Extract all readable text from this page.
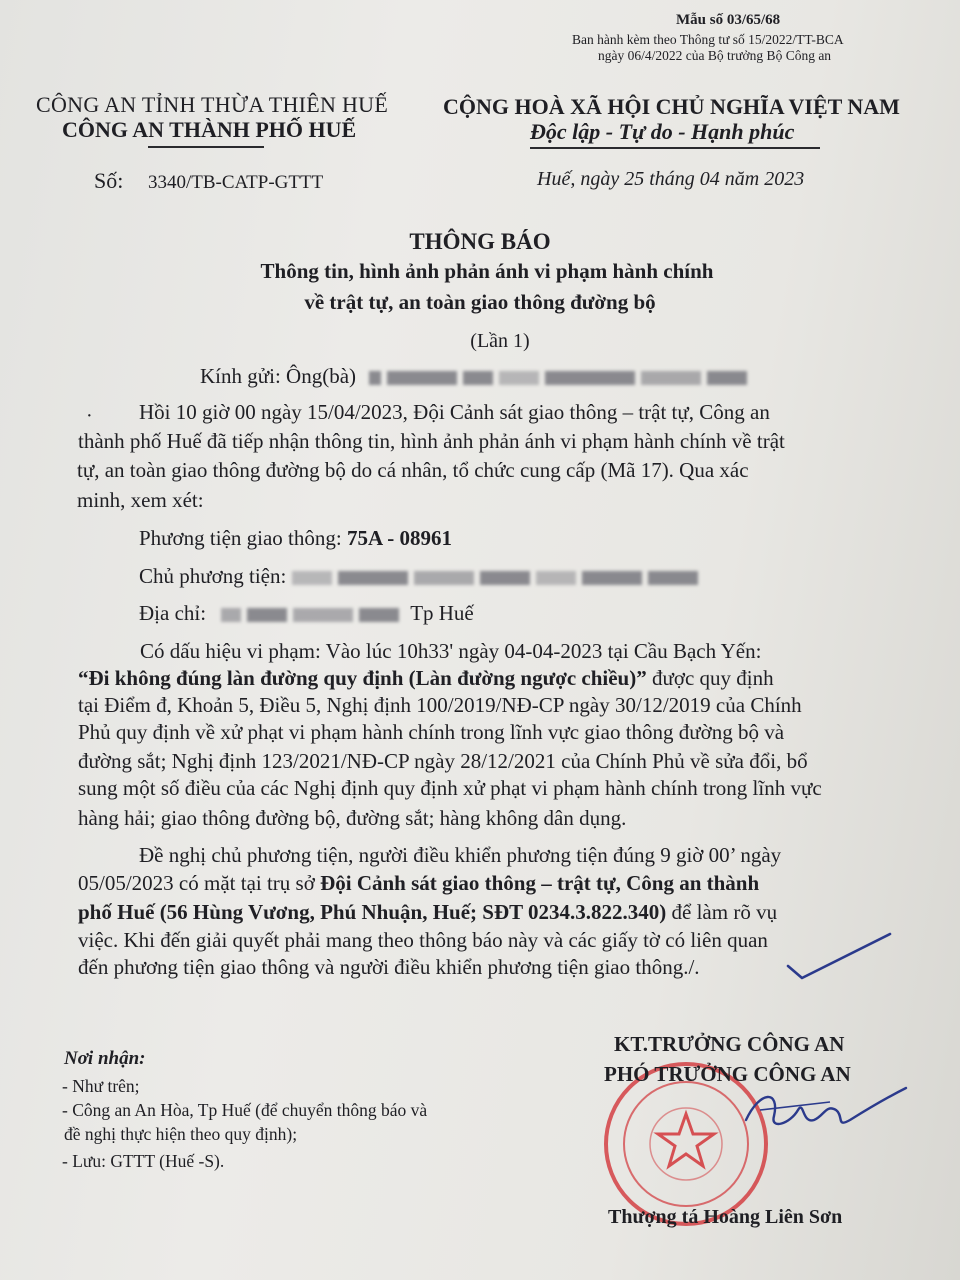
Mẫu số 03/65/68
Ban hành kèm theo Thông tư số 15/2022/TT-BCA
ngày 06/4/2022 của Bộ trưởng Bộ Công an
CÔNG AN TỈNH THỪA THIÊN HUẾ
CÔNG AN THÀNH PHỐ HUẾ
CỘNG HOÀ XÃ HỘI CHỦ NGHĨA VIỆT NAM
Độc lập - Tự do - Hạnh phúc
Số: 3340/TB-CATP-GTTT	Huế, ngày 25 tháng 04 năm 2023
THÔNG BÁO
Thông tin, hình ảnh phản ánh vi phạm hành chính
về trật tự, an toàn giao thông đường bộ
(Lần 1)
Kính gửi: Ông(bà)
· Hồi 10 giờ 00 ngày 15/04/2023, Đội Cảnh sát giao thông – trật tự, Công an
thành phố Huế đã tiếp nhận thông tin, hình ảnh phản ánh vi phạm hành chính về trật
tự, an toàn giao thông đường bộ do cá nhân, tổ chức cung cấp (Mã 17). Qua xác
minh, xem xét:
Phương tiện giao thông: 75A - 08961
Chủ phương tiện:
Địa chỉ:	Tp Huế
Có dấu hiệu vi phạm: Vào lúc 10h33' ngày 04-04-2023 tại Cầu Bạch Yến:
“Đi không đúng làn đường quy định (Làn đường ngược chiều)” được quy định
tại Điểm đ, Khoản 5, Điều 5, Nghị định 100/2019/NĐ-CP ngày 30/12/2019 của Chính
Phủ quy định về xử phạt vi phạm hành chính trong lĩnh vực giao thông đường bộ và
đường sắt; Nghị định 123/2021/NĐ-CP ngày 28/12/2021 của Chính Phủ về sửa đổi, bổ
sung một số điều của các Nghị định quy định xử phạt vi phạm hành chính trong lĩnh vực
hàng hải; giao thông đường bộ, đường sắt; hàng không dân dụng.
Đề nghị chủ phương tiện, người điều khiển phương tiện đúng 9 giờ 00’ ngày
05/05/2023 có mặt tại trụ sở Đội Cảnh sát giao thông – trật tự, Công an thành
phố Huế (56 Hùng Vương, Phú Nhuận, Huế; SĐT 0234.3.822.340) để làm rõ vụ
việc. Khi đến giải quyết phải mang theo thông báo này và các giấy tờ có liên quan
đến phương tiện giao thông và người điều khiển phương tiện giao thông./.
Nơi nhận:
- Như trên;
- Công an An Hòa, Tp Huế (để chuyển thông báo và
đề nghị thực hiện theo quy định);
- Lưu: GTTT (Huế -S).
KT.TRƯỞNG CÔNG AN
PHÓ TRƯỞNG CÔNG AN
Thượng tá Hoàng Liên Sơn
